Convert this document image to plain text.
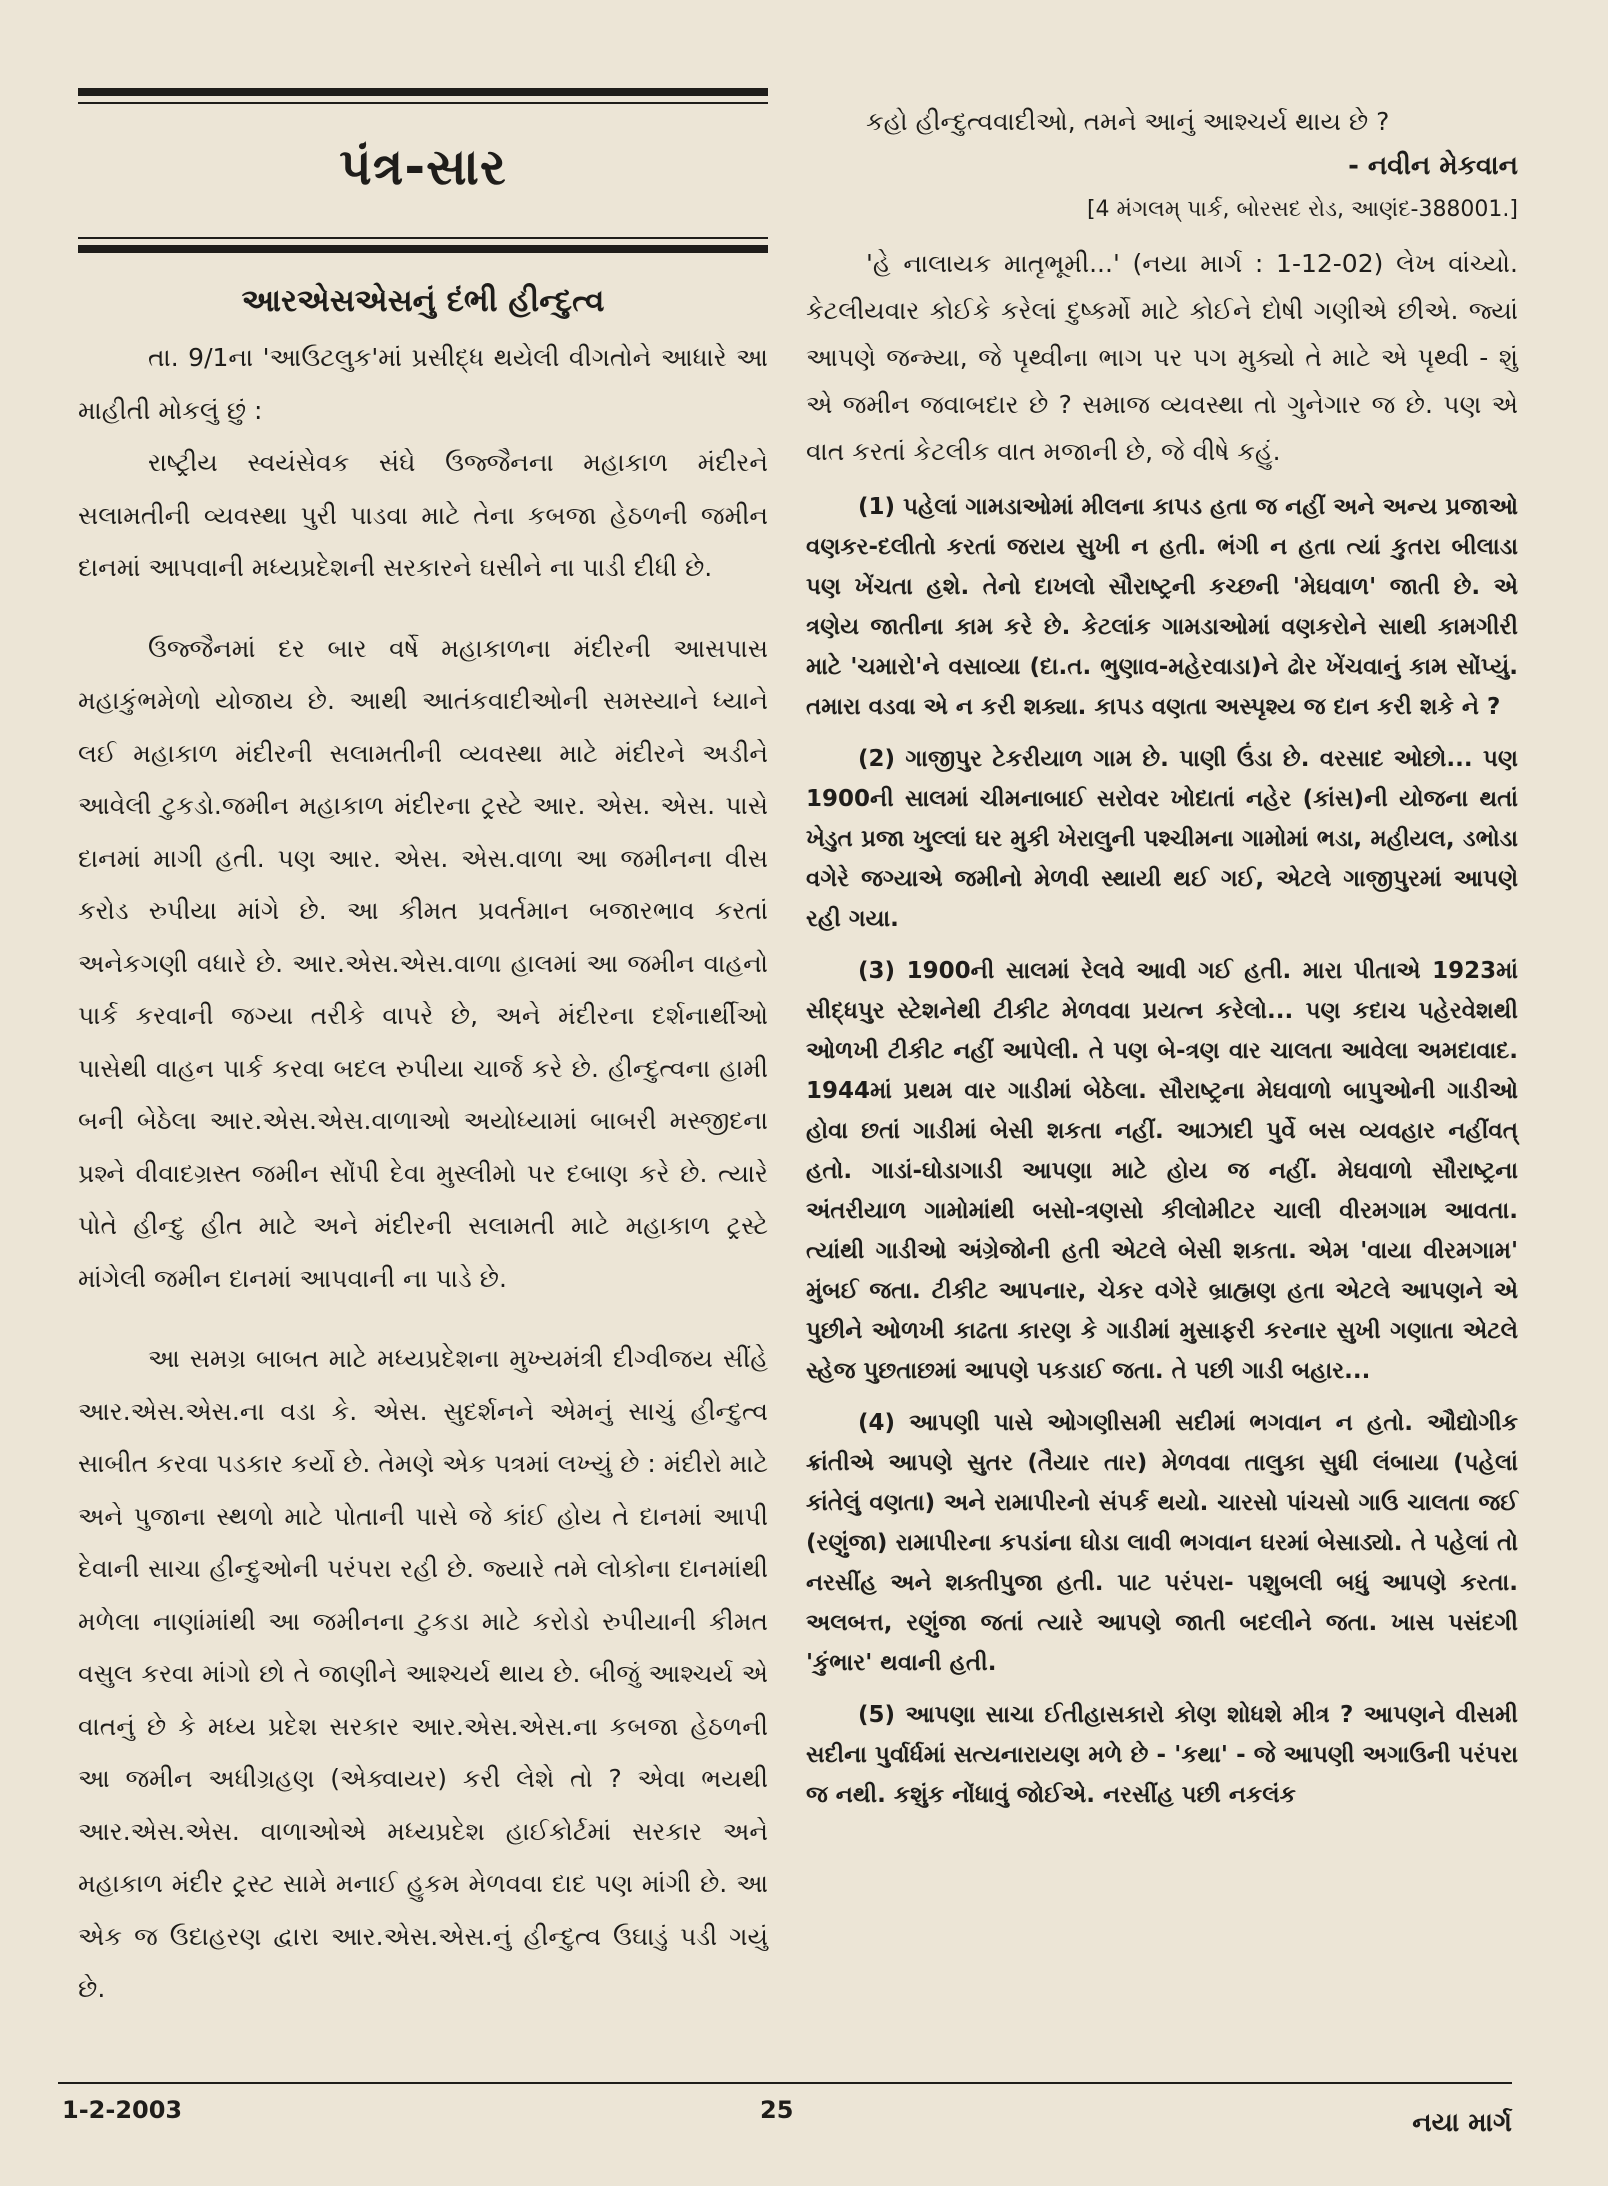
પંત્ર-સાર
આરએસએસનું દંભી હીન્દુત્વ

તા. 9/1ના 'આઉટલુક'માં પ્રસીદ્ધ થયેલી વીગતોને આધારે આ માહીતી મોકલું છું :

રાષ્ટ્રીય સ્વયંસેવક સંઘે ઉજ્જૈનના મહાકાળ મંદીરને સલામતીની વ્યવસ્થા પુરી પાડવા માટે તેના કબજા હેઠળની જમીન દાનમાં આપવાની મધ્યપ્રદેશની સરકારને ઘસીને ના પાડી દીધી છે.

ઉજ્જૈનમાં દર બાર વર્ષે મહાકાળના મંદીરની આસપાસ મહાકુંભમેળો યોજાય છે. આથી આતંકવાદીઓની સમસ્યાને ધ્યાને લઈ મહાકાળ મંદીરની સલામતીની વ્યવસ્થા માટે મંદીરને અડીને આવેલી ટુકડો.જમીન મહાકાળ મંદીરના ટ્રસ્ટે આર. એસ. એસ. પાસે દાનમાં માગી હતી. પણ આર. એસ. એસ.વાળા આ જમીનના વીસ કરોડ રુપીયા માંગે છે. આ કીમત પ્રવર્તમાન બજારભાવ કરતાં અનેકગણી વધારે છે. આર.એસ.એસ.વાળા હાલમાં આ જમીન વાહનો પાર્ક કરવાની જગ્યા તરીકે વાપરે છે, અને મંદીરના દર્શનાર્થીઓ પાસેથી વાહન પાર્ક કરવા બદલ રુપીયા ચાર્જ કરે છે. હીન્દુત્વના હામી બની બેઠેલા આર.એસ.એસ.વાળાઓ અયોધ્યામાં બાબરી મસ્જીદના પ્રશ્ને વીવાદગ્રસ્ત જમીન સોંપી દેવા મુસ્લીમો પર દબાણ કરે છે. ત્યારે પોતે હીન્દુ હીત માટે અને મંદીરની સલામતી માટે મહાકાળ ટ્રસ્ટે માંગેલી જમીન દાનમાં આપવાની ના પાડે છે.

આ સમગ્ર બાબત માટે મધ્યપ્રદેશના મુખ્યમંત્રી દીગ્વીજય સીંહે આર.એસ.એસ.ના વડા કે. એસ. સુદર્શનને એમનું સાચું હીન્દુત્વ સાબીત કરવા પડકાર કર્યો છે. તેમણે એક પત્રમાં લખ્યું છે : મંદીરો માટે અને પુજાના સ્થળો માટે પોતાની પાસે જે કાંઈ હોય તે દાનમાં આપી દેવાની સાચા હીન્દુઓની પરંપરા રહી છે. જ્યારે તમે લોકોના દાનમાંથી મળેલા નાણાંમાંથી આ જમીનના ટુકડા માટે કરોડો રુપીયાની કીમત વસુલ કરવા માંગો છો તે જાણીને આશ્ચર્ય થાય છે. બીજું આશ્ચર્ય એ વાતનું છે કે મધ્ય પ્રદેશ સરકાર આર.એસ.એસ.ના કબજા હેઠળની આ જમીન અધીગ્રહણ (એક્વાયર) કરી લેશે તો ? એવા ભયથી આર.એસ.એસ. વાળાઓએ મધ્યપ્રદેશ હાઈકોર્ટમાં સરકાર અને મહાકાળ મંદીર ટ્રસ્ટ સામે મનાઈ હુકમ મેળવવા દાદ પણ માંગી છે. આ એક જ ઉદાહરણ દ્વારા આર.એસ.એસ.નું હીન્દુત્વ ઉઘાડું પડી ગયું છે.

કહો હીન્દુત્વવાદીઓ, તમને આનું આશ્ચર્ય થાય છે ?

- નવીન મેકવાન

[4 મંગલમ્ પાર્ક, બોરસદ રોડ, આણંદ-388001.]

'હે નાલાયક માતૃભૂમી...' (નયા માર્ગ : 1-12-02) લેખ વાંચ્યો. કેટલીયવાર કોઈકે કરેલાં દુષ્કર્મો માટે કોઈને દોષી ગણીએ છીએ. જ્યાં આપણે જન્મ્યા, જે પૃથ્વીના ભાગ પર પગ મુક્યો તે માટે એ પૃથ્વી - શું એ જમીન જવાબદાર છે ? સમાજ વ્યવસ્થા તો ગુનેગાર જ છે. પણ એ વાત કરતાં કેટલીક વાત મજાની છે, જે વીષે કહું.

(1) પહેલાં ગામડાઓમાં મીલના કાપડ હતા જ નહીં અને અન્ય પ્રજાઓ વણકર-દલીતો કરતાં જરાય સુખી ન હતી. ભંગી ન હતા ત્યાં કુતરા બીલાડા પણ ખેંચતા હશે. તેનો દાખલો સૌરાષ્ટ્રની કચ્છની 'મેઘવાળ' જાતી છે. એ ત્રણેય જાતીના કામ કરે છે. કેટલાંક ગામડાઓમાં વણકરોને સાથી કામગીરી માટે 'ચમારો'ને વસાવ્યા (દા.ત. ભુણાવ-મહેરવાડા)ને ઢોર ખેંચવાનું કામ સોંપ્યું. તમારા વડવા એ ન કરી શક્યા. કાપડ વણતા અસ્પૃશ્ય જ દાન કરી શકે ને ?

(2) ગાજીપુર ટેકરીયાળ ગામ છે. પાણી ઉંડા છે. વરસાદ ઓછો... પણ 1900ની સાલમાં ચીમનાબાઈ સરોવર ખોદાતાં નહેર (કાંસ)ની યોજના થતાં ખેડુત પ્રજા ખુલ્લાં ઘર મુકી ખેરાલુની પશ્ચીમના ગામોમાં ભડા, મહીયલ, ડભોડા વગેરે જગ્યાએ જમીનો મેળવી સ્થાયી થઈ ગઈ, એટલે ગાજીપુરમાં આપણે રહી ગયા.

(3) 1900ની સાલમાં રેલવે આવી ગઈ હતી. મારા પીતાએ 1923માં સીદ્ધપુર સ્ટેશનેથી ટીકીટ મેળવવા પ્રયત્ન કરેલો... પણ કદાચ પહેરવેશથી ઓળખી ટીકીટ નહીં આપેલી. તે પણ બે-ત્રણ વાર ચાલતા આવેલા અમદાવાદ. 1944માં પ્રથમ વાર ગાડીમાં બેઠેલા. સૌરાષ્ટ્રના મેઘવાળો બાપુઓની ગાડીઓ હોવા છતાં ગાડીમાં બેસી શકતા નહીં. આઝાદી પુર્વે બસ વ્યવહાર નહીંવત્ હતો. ગાડાં-ઘોડાગાડી આપણા માટે હોય જ નહીં. મેઘવાળો સૌરાષ્ટ્રના અંતરીયાળ ગામોમાંથી બસો-ત્રણસો કીલોમીટર ચાલી વીરમગામ આવતા. ત્યાંથી ગાડીઓ અંગ્રેજોની હતી એટલે બેસી શકતા. એમ 'વાયા વીરમગામ' મુંબઈ જતા. ટીકીટ આપનાર, ચેકર વગેરે બ્રાહ્મણ હતા એટલે આપણને એ પુછીને ઓળખી કાઢતા કારણ કે ગાડીમાં મુસાફરી કરનાર સુખી ગણાતા એટલે સ્હેજ પુછતાછમાં આપણે પકડાઈ જતા. તે પછી ગાડી બહાર...

(4) આપણી પાસે ઓગણીસમી સદીમાં ભગવાન ન હતો. ઔદ્યોગીક ક્રાંતીએ આપણે સુતર (તૈયાર તાર) મેળવવા તાલુકા સુધી લંબાયા (પહેલાં કાંતેલું વણતા) અને રામાપીરનો સંપર્ક થયો. ચારસો પાંચસો ગાઉ ચાલતા જઈ (રણુંજા) રામાપીરના કપડાંના ઘોડા લાવી ભગવાન ઘરમાં બેસાડ્યો. તે પહેલાં તો નરસીંહ અને શક્તીપુજા હતી. પાટ પરંપરા- પશુબલી બધું આપણે કરતા. અલબત્ત, રણુંજા જતાં ત્યારે આપણે જાતી બદલીને જતા. ખાસ પસંદગી 'કુંભાર' થવાની હતી.

(5) આપણા સાચા ઈતીહાસકારો કોણ શોધશે મીત્ર ? આપણને વીસમી સદીના પુર્વાર્ધમાં સત્યનારાયણ મળે છે - 'કથા' - જે આપણી અગાઉની પરંપરા જ નથી. કશુંક નોંધાવું જોઈએ. નરસીંહ પછી નકલંક

1-2-2003	25	નયા માર્ગ
